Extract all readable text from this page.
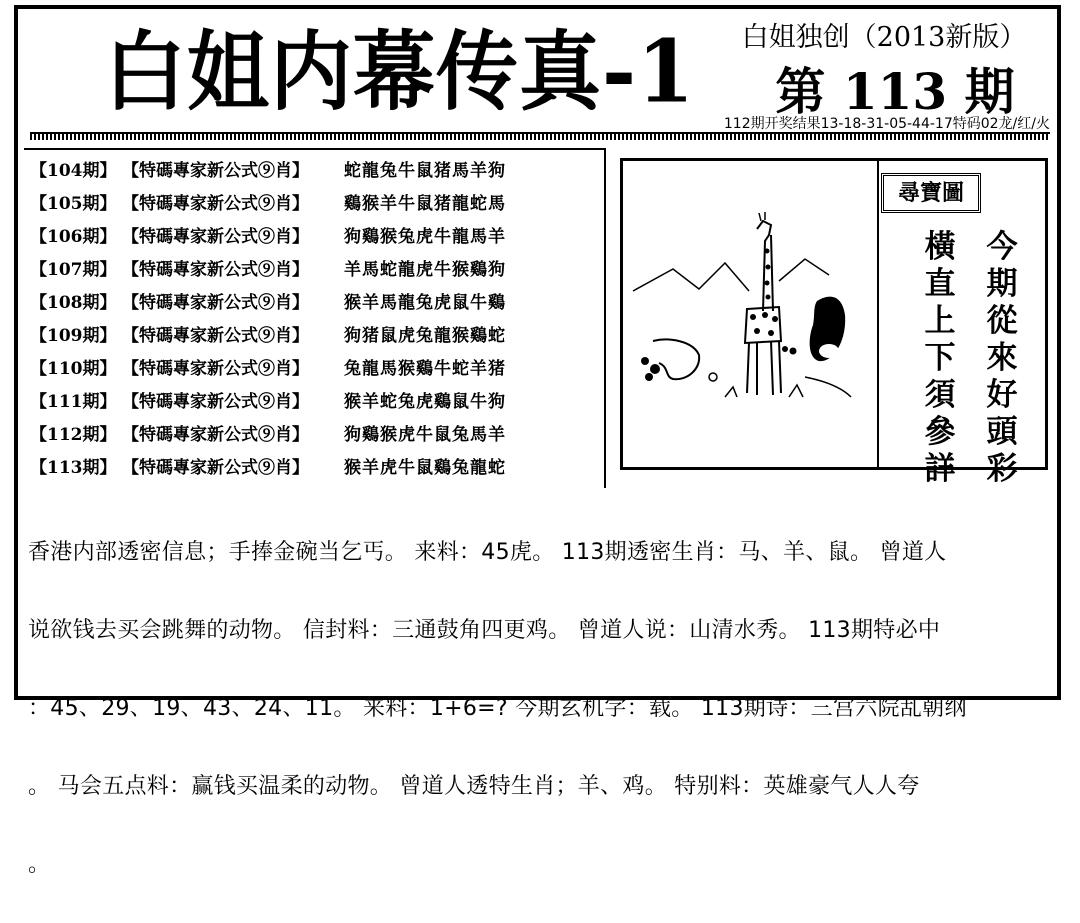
白姐内幕传真-1	白姐独创（2013新版）
第 113 期
112期开奖结果13-18-31-05-44-17特码02龙/红/火
【104期】 【特碼專家新公式⑨肖】 蛇龍兔牛鼠猪馬羊狗
【105期】 【特碼專家新公式⑨肖】 鷄猴羊牛鼠猪龍蛇馬
【106期】 【特碼專家新公式⑨肖】 狗鷄猴兔虎牛龍馬羊
【107期】 【特碼專家新公式⑨肖】 羊馬蛇龍虎牛猴鷄狗
【108期】 【特碼專家新公式⑨肖】 猴羊馬龍兔虎鼠牛鷄
【109期】 【特碼專家新公式⑨肖】 狗猪鼠虎兔龍猴鷄蛇
【110期】 【特碼專家新公式⑨肖】 兔龍馬猴鷄牛蛇羊猪
【111期】 【特碼專家新公式⑨肖】 猴羊蛇兔虎鷄鼠牛狗
【112期】 【特碼專家新公式⑨肖】 狗鷄猴虎牛鼠兔馬羊
【113期】 【特碼專家新公式⑨肖】 猴羊虎牛鼠鷄兔龍蛇
尋寶圖
今期從來好頭彩
橫直上下須參詳

香港内部透密信息；手捧金碗当乞丐。 来料：45虎。 113期透密生肖：马、羊、鼠。 曾道人

说欲钱去买会跳舞的动物。 信封料：三通鼓角四更鸡。 曾道人说：山清水秀。 113期特必中

：45、29、19、43、24、11。 来料：1+6=? 今期玄机字：载。 113期诗：三宫六院乱朝纲

。 马会五点料：赢钱买温柔的动物。 曾道人透特生肖；羊、鸡。 特别料：英雄豪气人人夸

。
